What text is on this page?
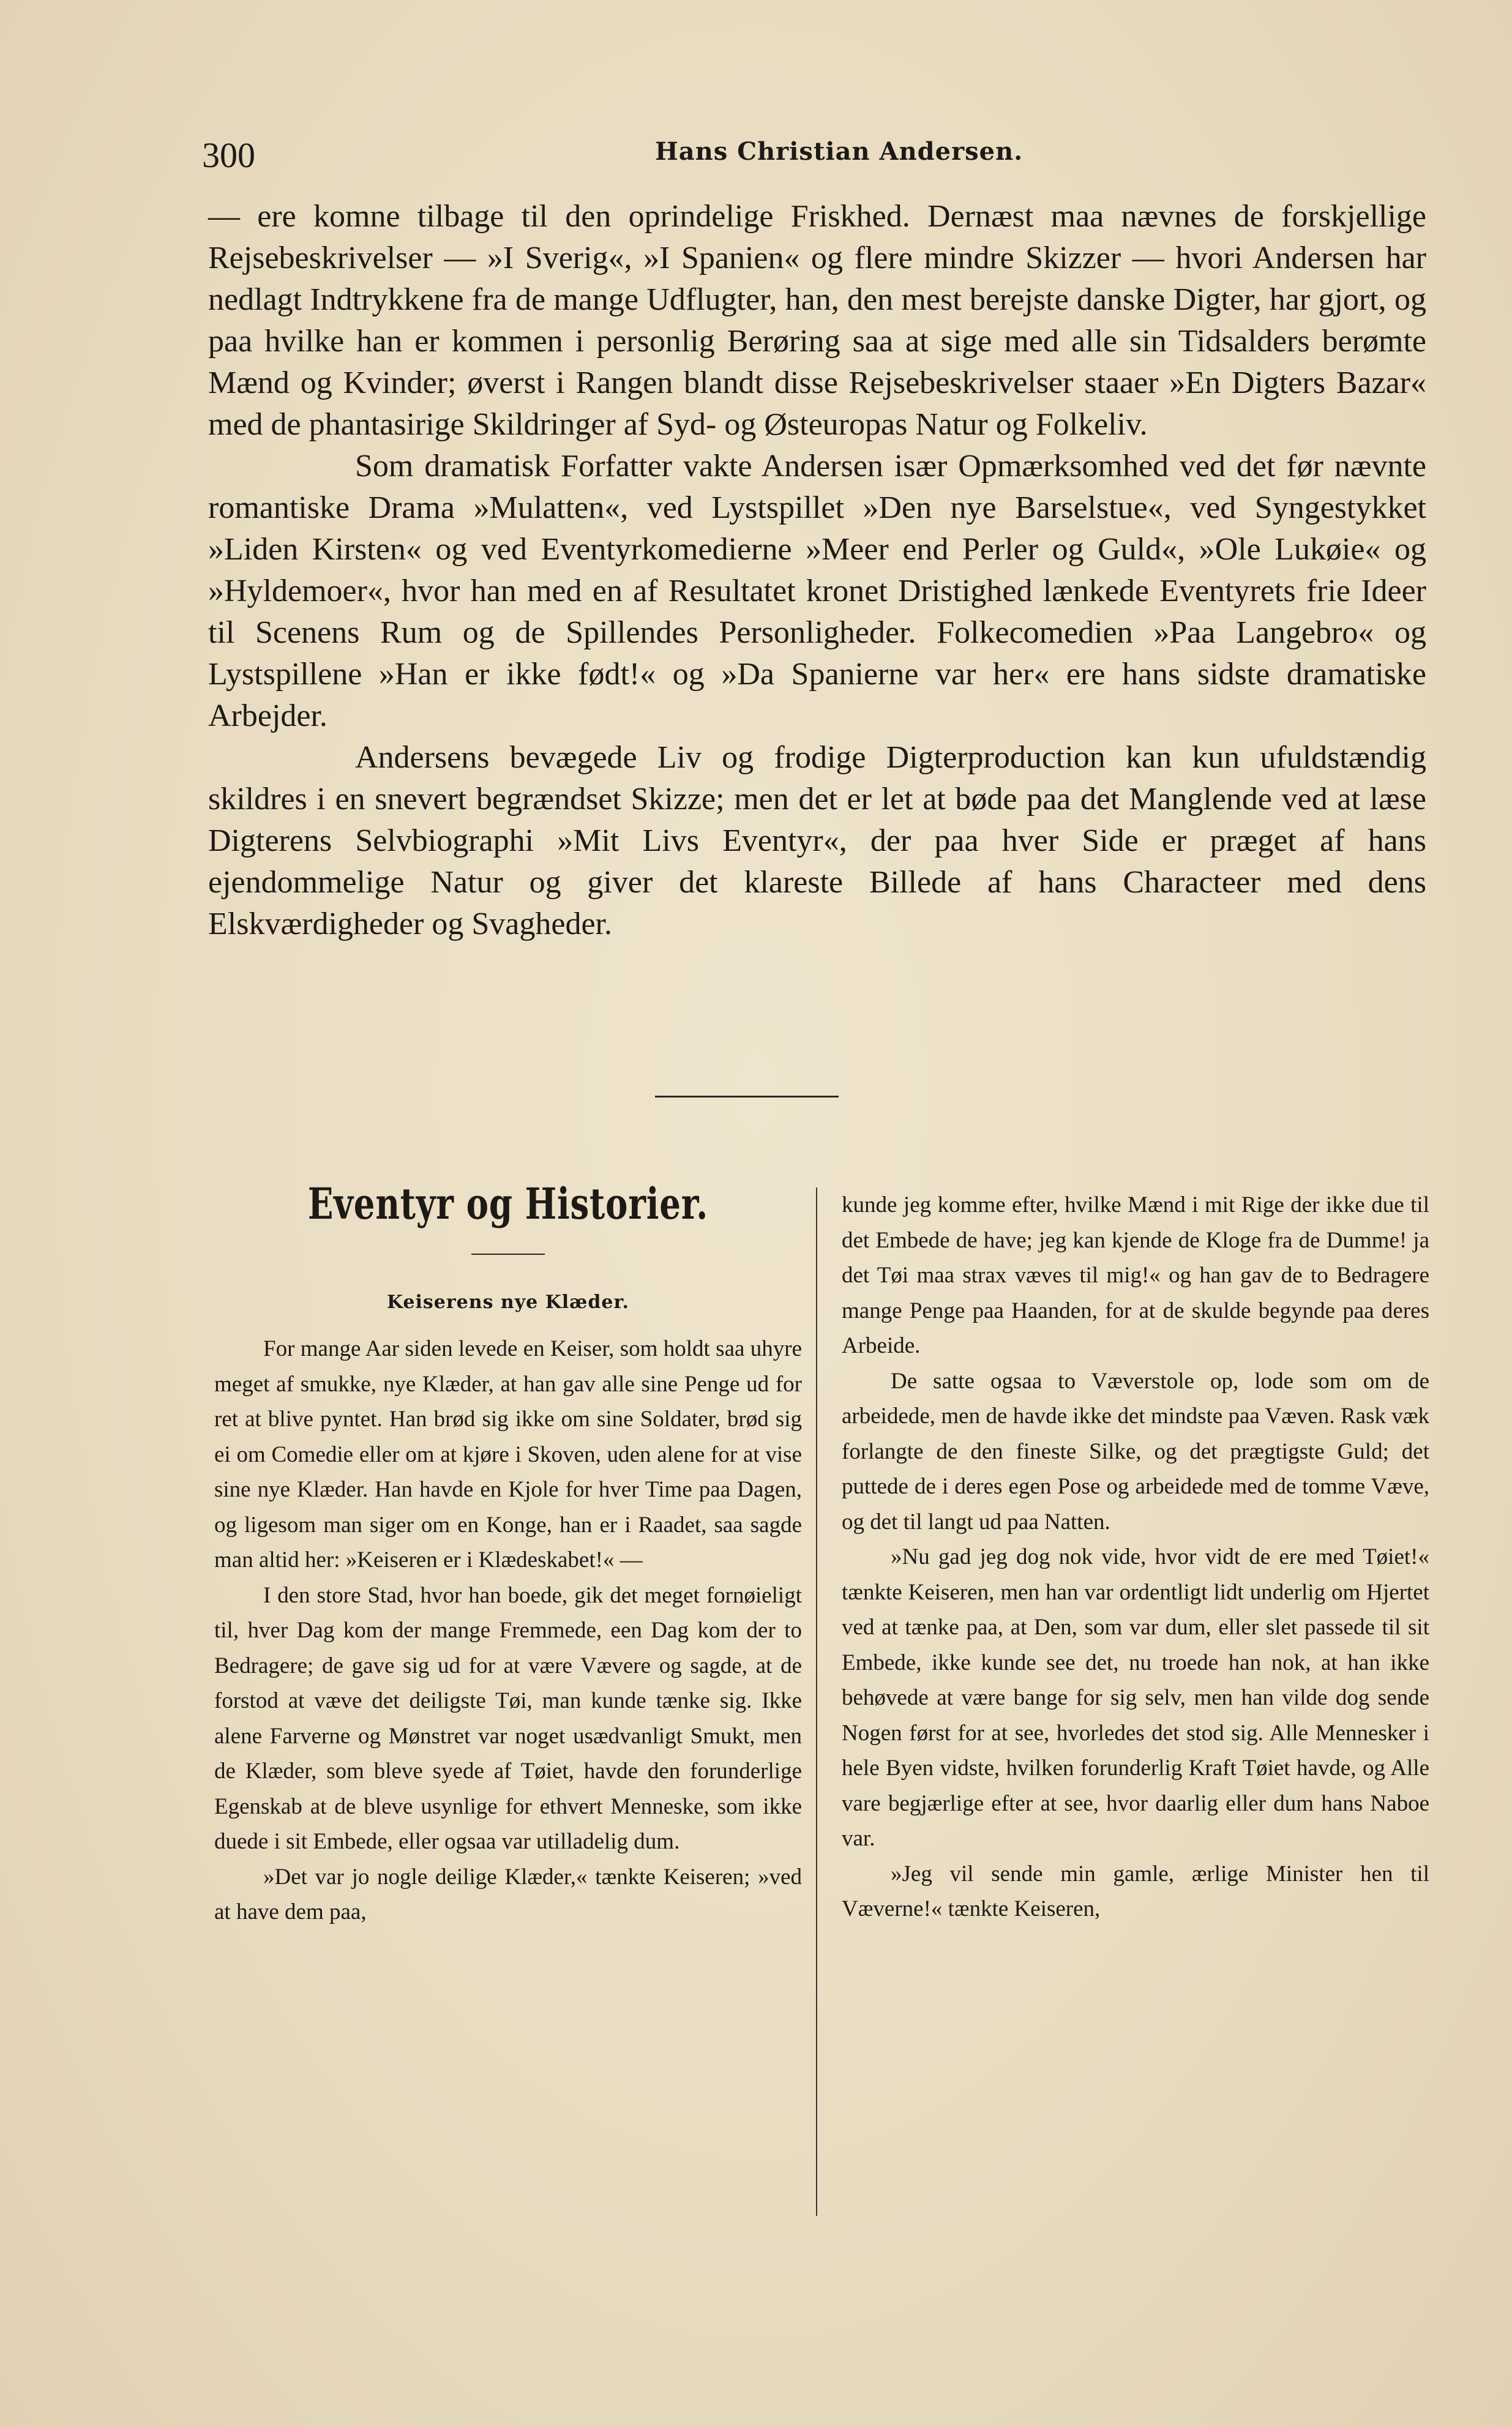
300	Hans Christian Andersen.

— ere komne tilbage til den oprindelige Friskhed. Dernæst maa nævnes de forskjellige Rejsebeskrivelser — »I Sverig«, »I Spanien« og flere mindre Skizzer — hvori Andersen har nedlagt Indtrykkene fra de mange Udflugter, han, den mest berejste danske Digter, har gjort, og paa hvilke han er kommen i personlig Berøring saa at sige med alle sin Tidsalders berømte Mænd og Kvinder; øverst i Rangen blandt disse Rejsebeskrivelser staaer »En Digters Bazar« med de phantasirige Skildringer af Syd- og Østeuropas Natur og Folkeliv.

Som dramatisk Forfatter vakte Andersen især Opmærksomhed ved det før nævnte romantiske Drama »Mulatten«, ved Lystspillet »Den nye Barselstue«, ved Syngestykket »Liden Kirsten« og ved Eventyrkomedierne »Meer end Perler og Guld«, »Ole Lukøie« og »Hyldemoer«, hvor han med en af Resultatet kronet Dristighed lænkede Eventyrets frie Ideer til Scenens Rum og de Spillendes Personligheder. Folkecomedien »Paa Langebro« og Lystspillene »Han er ikke født!« og »Da Spanierne var her« ere hans sidste dramatiske Arbejder.

Andersens bevægede Liv og frodige Digterproduction kan kun ufuldstændig skildres i en snevert begrændset Skizze; men det er let at bøde paa det Manglende ved at læse Digterens Selvbiographi »Mit Livs Eventyr«, der paa hver Side er præget af hans ejendommelige Natur og giver det klareste Billede af hans Characteer med dens Elskværdigheder og Svagheder.

Eventyr og Historier.
Keiserens nye Klæder.

For mange Aar siden levede en Keiser, som holdt saa uhyre meget af smukke, nye Klæder, at han gav alle sine Penge ud for ret at blive pyntet. Han brød sig ikke om sine Soldater, brød sig ei om Comedie eller om at kjøre i Skoven, uden alene for at vise sine nye Klæder. Han havde en Kjole for hver Time paa Dagen, og ligesom man siger om en Konge, han er i Raadet, saa sagde man altid her: »Keiseren er i Klædeskabet!« —

I den store Stad, hvor han boede, gik det meget fornøieligt til, hver Dag kom der mange Fremmede, een Dag kom der to Bedragere; de gave sig ud for at være Vævere og sagde, at de forstod at væve det deiligste Tøi, man kunde tænke sig. Ikke alene Farverne og Mønstret var noget usædvanligt Smukt, men de Klæder, som bleve syede af Tøiet, havde den forunderlige Egenskab at de bleve usynlige for ethvert Menneske, som ikke duede i sit Embede, eller ogsaa var utilladelig dum.

»Det var jo nogle deilige Klæder,« tænkte Keiseren; »ved at have dem paa,

kunde jeg komme efter, hvilke Mænd i mit Rige der ikke due til det Embede de have; jeg kan kjende de Kloge fra de Dumme! ja det Tøi maa strax væves til mig!« og han gav de to Bedragere mange Penge paa Haanden, for at de skulde begynde paa deres Arbeide.

De satte ogsaa to Væverstole op, lode som om de arbeidede, men de havde ikke det mindste paa Væven. Rask væk forlangte de den fineste Silke, og det prægtigste Guld; det puttede de i deres egen Pose og arbeidede med de tomme Væve, og det til langt ud paa Natten.

»Nu gad jeg dog nok vide, hvor vidt de ere med Tøiet!« tænkte Keiseren, men han var ordentligt lidt underlig om Hjertet ved at tænke paa, at Den, som var dum, eller slet passede til sit Embede, ikke kunde see det, nu troede han nok, at han ikke behøvede at være bange for sig selv, men han vilde dog sende Nogen først for at see, hvorledes det stod sig. Alle Mennesker i hele Byen vidste, hvilken forunderlig Kraft Tøiet havde, og Alle vare begjærlige efter at see, hvor daarlig eller dum hans Naboe var.

»Jeg vil sende min gamle, ærlige Minister hen til Væverne!« tænkte Keiseren,
